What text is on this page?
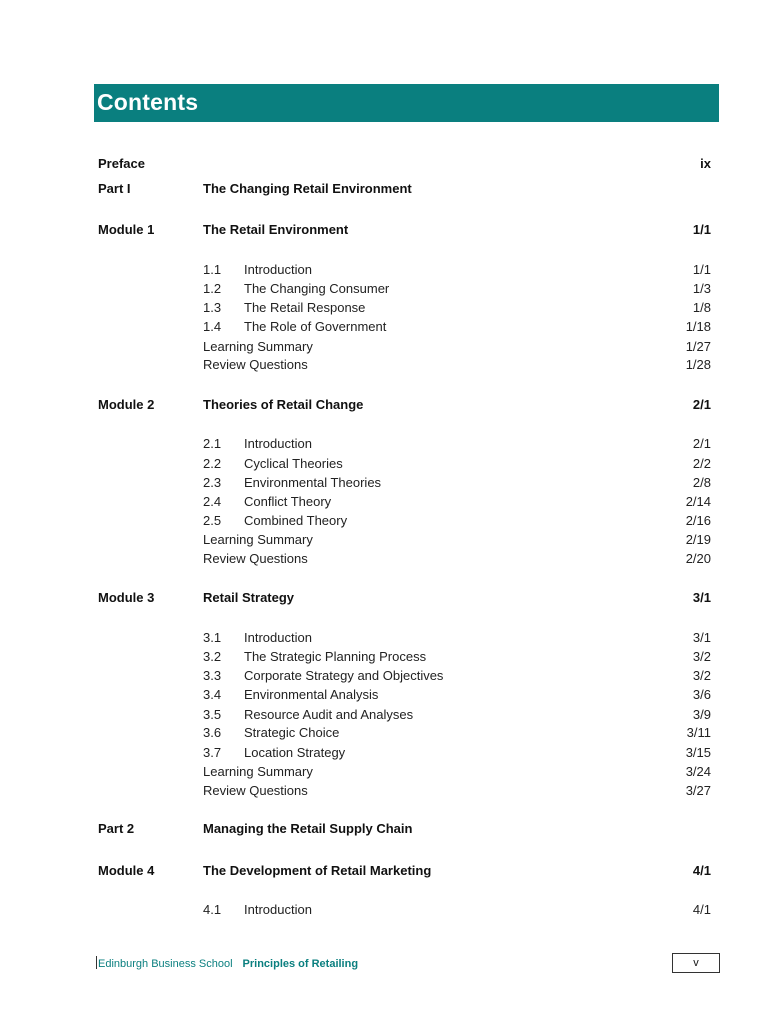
Contents
Preface	ix
Part I	The Changing Retail Environment
Module 1	The Retail Environment	1/1
1.1 Introduction	1/1
1.2 The Changing Consumer	1/3
1.3 The Retail Response	1/8
1.4 The Role of Government	1/18
Learning Summary	1/27
Review Questions	1/28
Module 2	Theories of Retail Change	2/1
2.1 Introduction	2/1
2.2 Cyclical Theories	2/2
2.3 Environmental Theories	2/8
2.4 Conflict Theory	2/14
2.5 Combined Theory	2/16
Learning Summary	2/19
Review Questions	2/20
Module 3	Retail Strategy	3/1
3.1 Introduction	3/1
3.2 The Strategic Planning Process	3/2
3.3 Corporate Strategy and Objectives	3/2
3.4 Environmental Analysis	3/6
3.5 Resource Audit and Analyses	3/9
3.6 Strategic Choice	3/11
3.7 Location Strategy	3/15
Learning Summary	3/24
Review Questions	3/27
Part 2	Managing the Retail Supply Chain
Module 4	The Development of Retail Marketing	4/1
4.1 Introduction	4/1
Edinburgh Business School Principles of Retailing	v
